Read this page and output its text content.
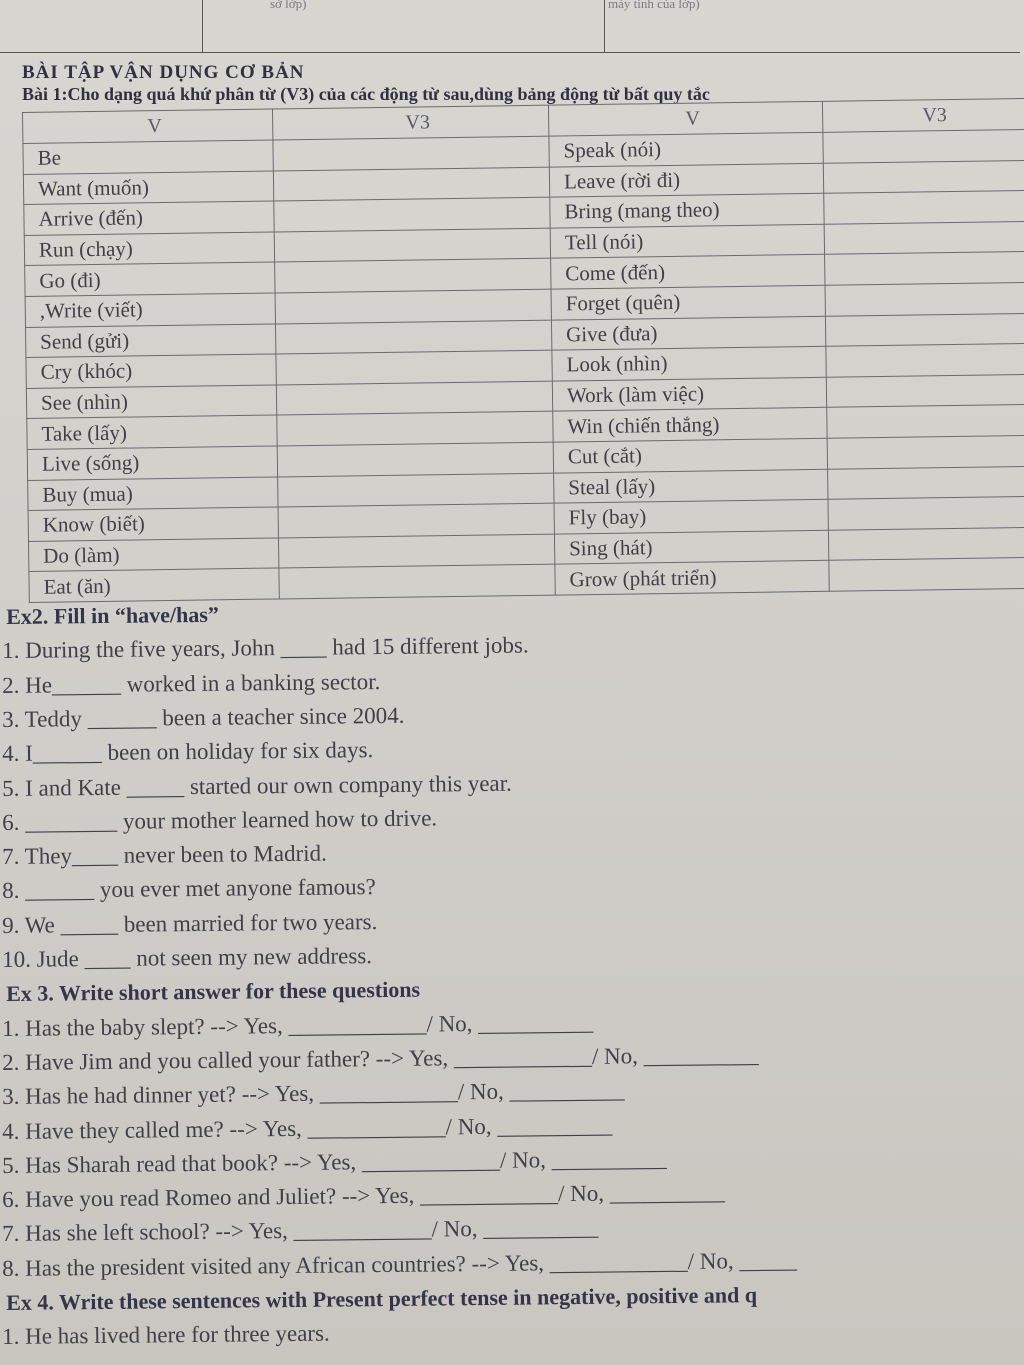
sở lớp)	máy tính của lớp)
BÀI TẬP VẬN DỤNG CƠ BẢN
Bài 1:Cho dạng quá khứ phân từ (V3) của các động từ sau,dùng bảng động từ bất quy tắc
V	V3	V	V3
Be		Speak (nói)	
Want (muốn)		Leave (rời đi)	
Arrive (đến)		Bring (mang theo)	
Run (chạy)		Tell (nói)	
Go (đi)		Come (đến)	
,Write (viết)		Forget (quên)	
Send (gửi)		Give (đưa)	
Cry (khóc)		Look (nhìn)	
See (nhìn)		Work (làm việc)	
Take (lấy)		Win (chiến thắng)	
Live (sống)		Cut (cắt)	
Buy (mua)		Steal (lấy)	
Know (biết)		Fly (bay)	
Do (làm)		Sing (hát)	
Eat (ăn)		Grow (phát triển)	
Ex2. Fill in “have/has”
1. During the five years, John ____ had 15 different jobs.
2. He______ worked in a banking sector.
3. Teddy ______ been a teacher since 2004.
4. I______ been on holiday for six days.
5. I and Kate _____ started our own company this year.
6. ________ your mother learned how to drive.
7. They____ never been to Madrid.
8. ______ you ever met anyone famous?
9. We _____ been married for two years.
10. Jude ____ not seen my new address.
Ex 3. Write short answer for these questions
1. Has the baby slept? --> Yes, ____________/ No, __________
2. Have Jim and you called your father? --> Yes, ____________/ No, __________
3. Has he had dinner yet? --> Yes, ____________/ No, __________
4. Have they called me? --> Yes, ____________/ No, __________
5. Has Sharah read that book? --> Yes, ____________/ No, __________
6. Have you read Romeo and Juliet? --> Yes, ____________/ No, __________
7. Has she left school? --> Yes, ____________/ No, __________
8. Has the president visited any African countries? --> Yes, ____________/ No, _____
Ex 4. Write these sentences with Present perfect tense in negative, positive and q
1. He has lived here for three years.
